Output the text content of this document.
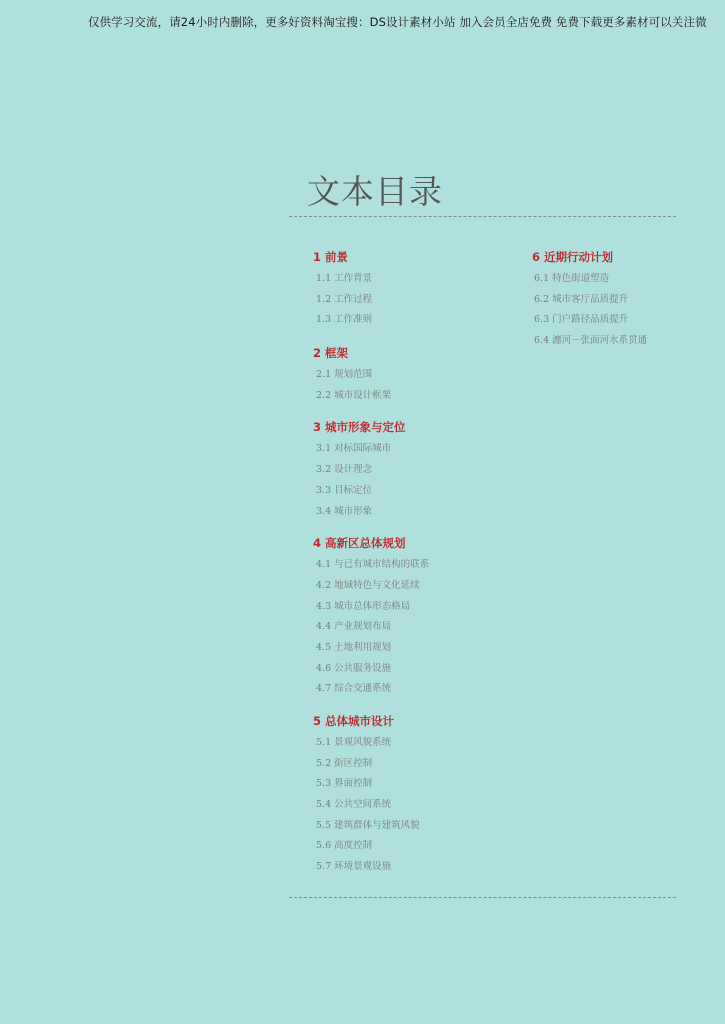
仅供学习交流，请24小时内删除，更多好资料淘宝搜：DS设计素材小站 加入会员全店免费 免费下载更多素材可以关注微
文本目录
1 前景
1.1 工作背景
1.2 工作过程
1.3 工作准则
2 框架
2.1 规划范围
2.2 城市设计框架
3 城市形象与定位
3.1 对标国际城市
3.2 设计理念
3.3 目标定位
3.4 城市形象
4 高新区总体规划
4.1 与已有城市结构的联系
4.2 地域特色与文化延续
4.3 城市总体形态格局
4.4 产业规划布局
4.5 土地利用规划
4.6 公共服务设施
4.7 综合交通系统
5 总体城市设计
5.1 景观风貌系统
5.2 街区控制
5.3 界面控制
5.4 公共空间系统
5.5 建筑群体与建筑风貌
5.6 高度控制
5.7 环境景观设施
6 近期行动计划
6.1 特色街道塑造
6.2 城市客厅品质提升
6.3 门户路径品质提升
6.4 瀍河－张面河水系贯通
